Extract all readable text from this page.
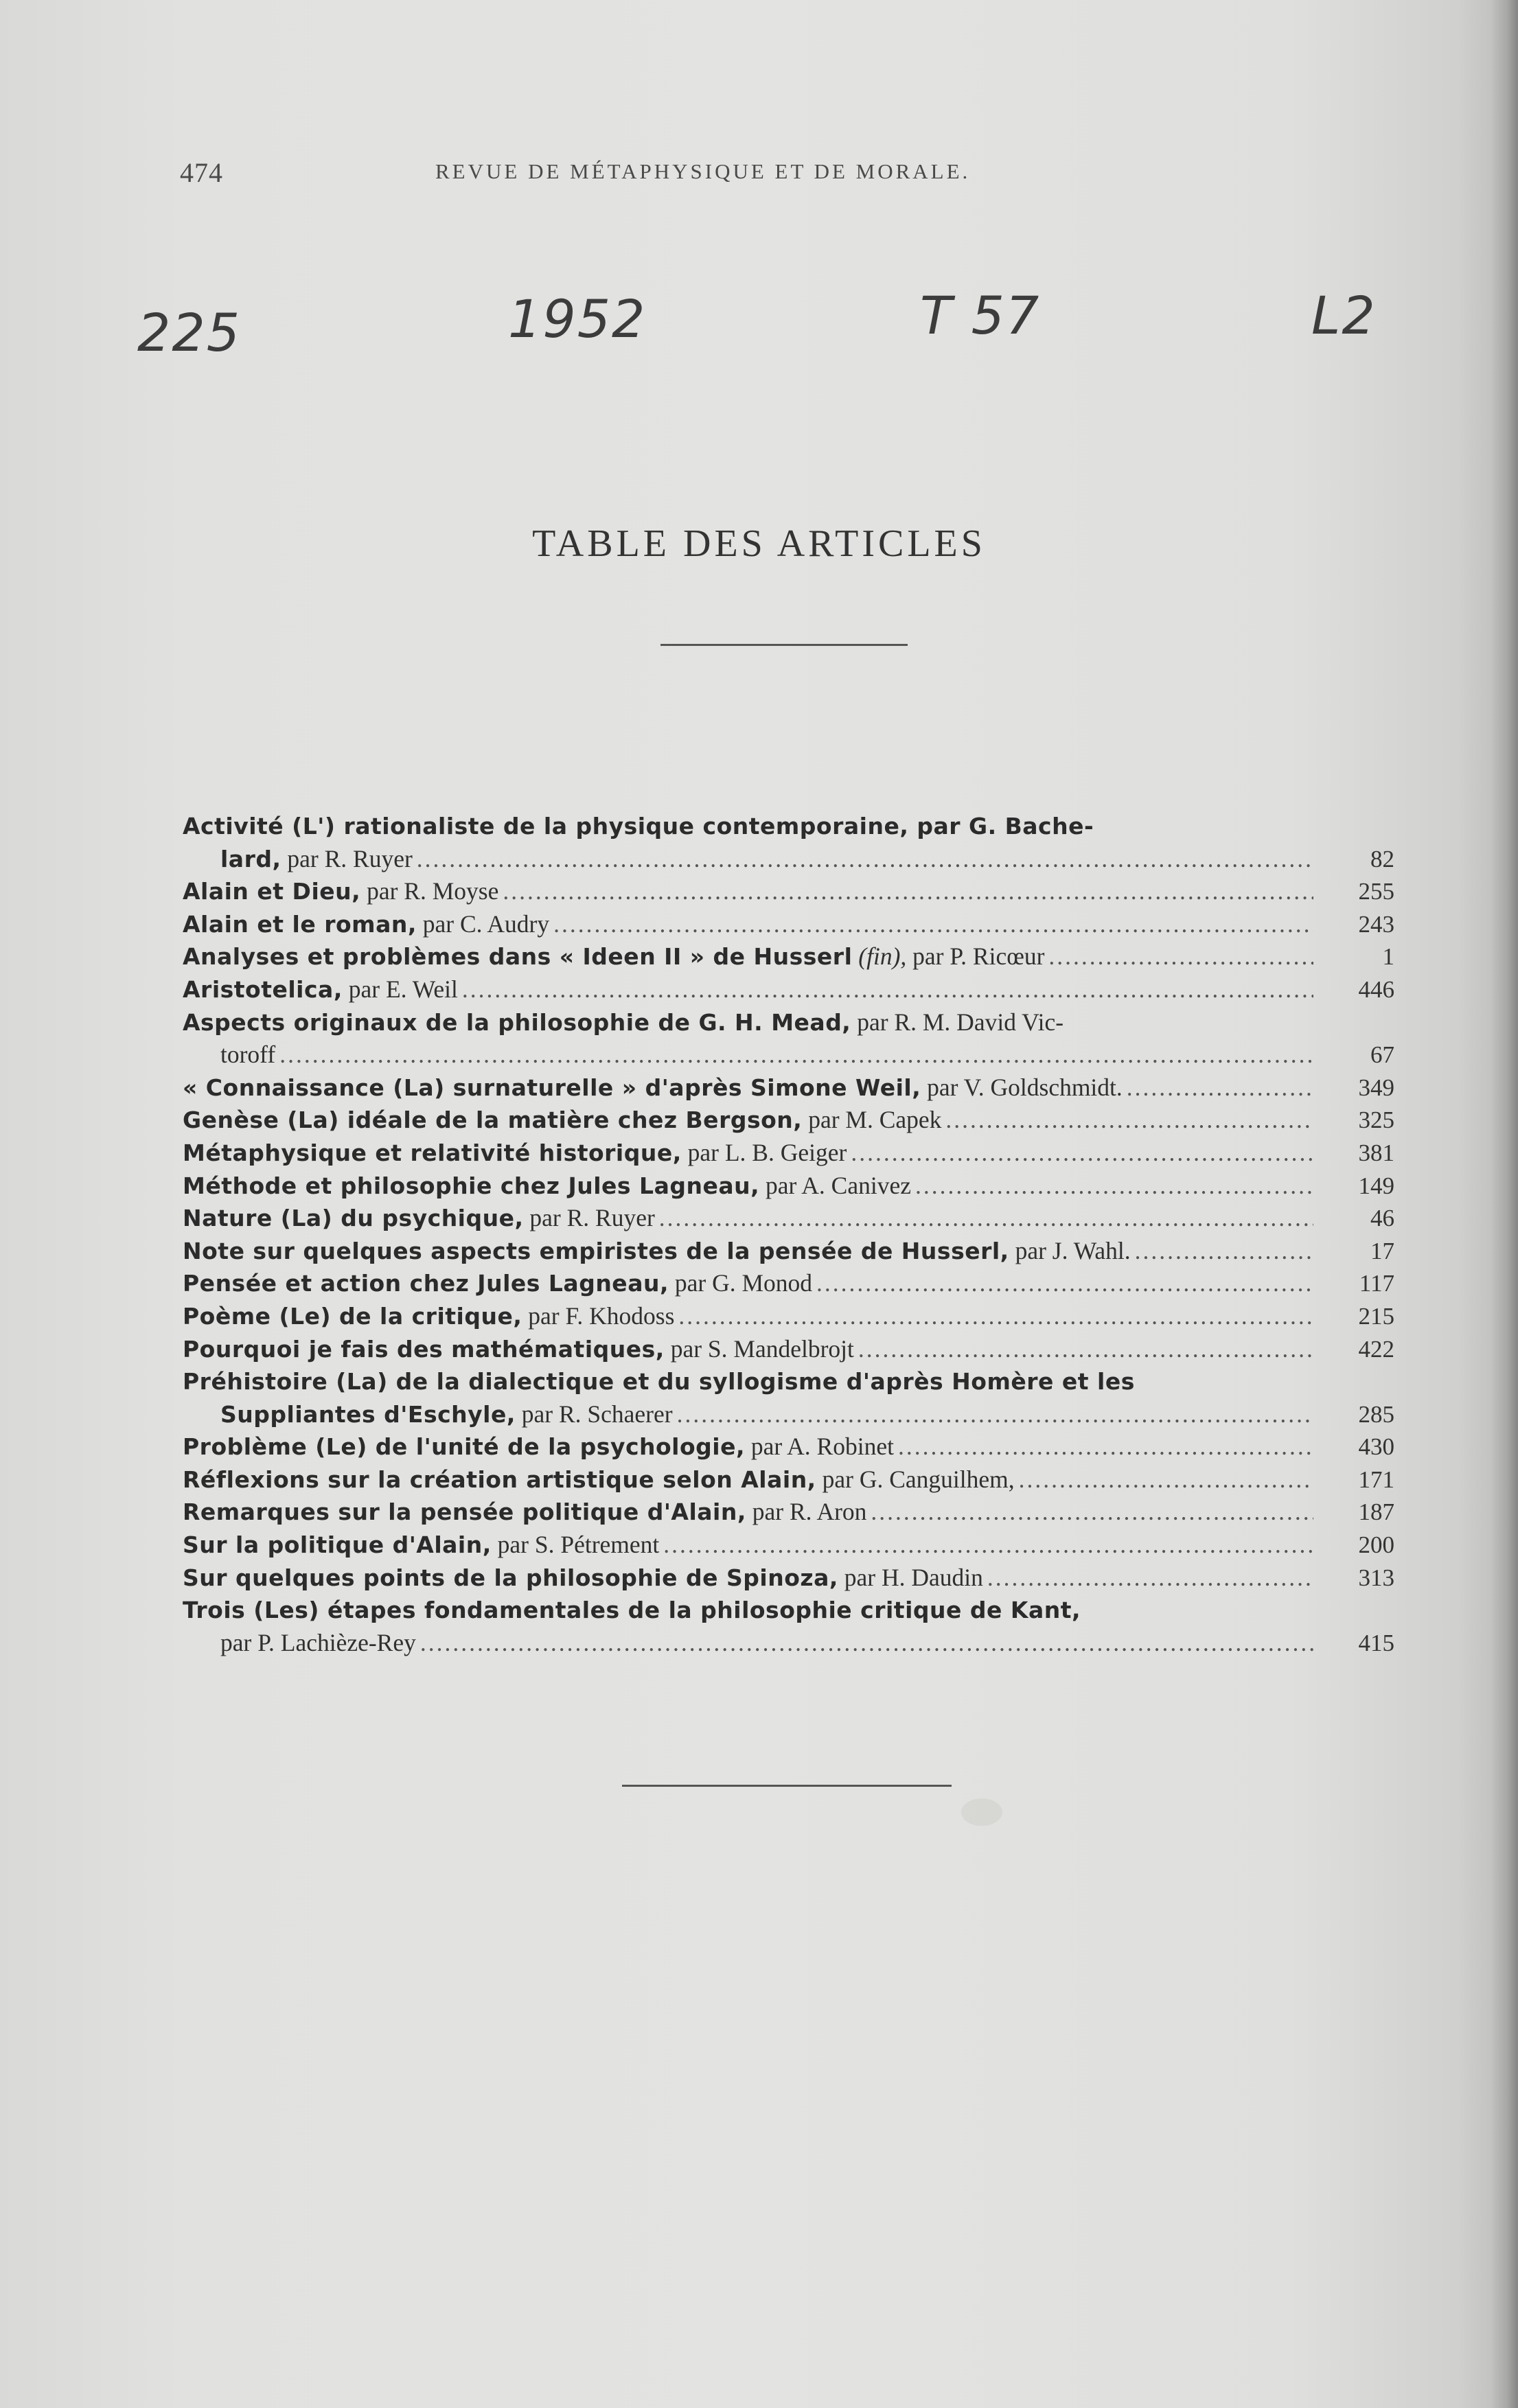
474	REVUE DE MÉTAPHYSIQUE ET DE MORALE.
225	1952	T 57	L2
TABLE DES ARTICLES
Activité (L') rationaliste de la physique contemporaine, par G. Bache-
lard,
par R. Ruyer .....	82
Alain et Dieu,
par R. Moyse .....	255
Alain et le roman,
par C. Audry .....	243
Analyses et problèmes dans « Ideen II » de Husserl
(fin),
par P. Ricœur .....	1
Aristotelica,
par E. Weil .....	446
Aspects originaux de la philosophie de G. H. Mead, par R. M. David Vic-
toroff .....	67
« Connaissance (La) surnaturelle » d'après Simone Weil,
par V. Goldschmidt. .....	349
Genèse (La) idéale de la matière chez Bergson,
par M. Capek .....	325
Métaphysique et relativité historique,
par L. B. Geiger .....	381
Méthode et philosophie chez Jules Lagneau,
par A. Canivez .....	149
Nature (La) du psychique,
par R. Ruyer .....	46
Note sur quelques aspects empiristes de la pensée de Husserl,
par J. Wahl. .....	17
Pensée et action chez Jules Lagneau,
par G. Monod .....	117
Poème (Le) de la critique,
par F. Khodoss .....	215
Pourquoi je fais des mathématiques,
par S. Mandelbrojt .....	422
Préhistoire (La) de la dialectique et du syllogisme d'après Homère et les
Suppliantes d'Eschyle,
par R. Schaerer .....	285
Problème (Le) de l'unité de la psychologie,
par A. Robinet .....	430
Réflexions sur la création artistique selon Alain,
par G. Canguilhem, .....	171
Remarques sur la pensée politique d'Alain,
par R. Aron .....	187
Sur la politique d'Alain,
par S. Pétrement .....	200
Sur quelques points de la philosophie de Spinoza,
par H. Daudin .....	313
Trois (Les) étapes fondamentales de la philosophie critique de Kant,
par P. Lachièze-Rey .....	415
